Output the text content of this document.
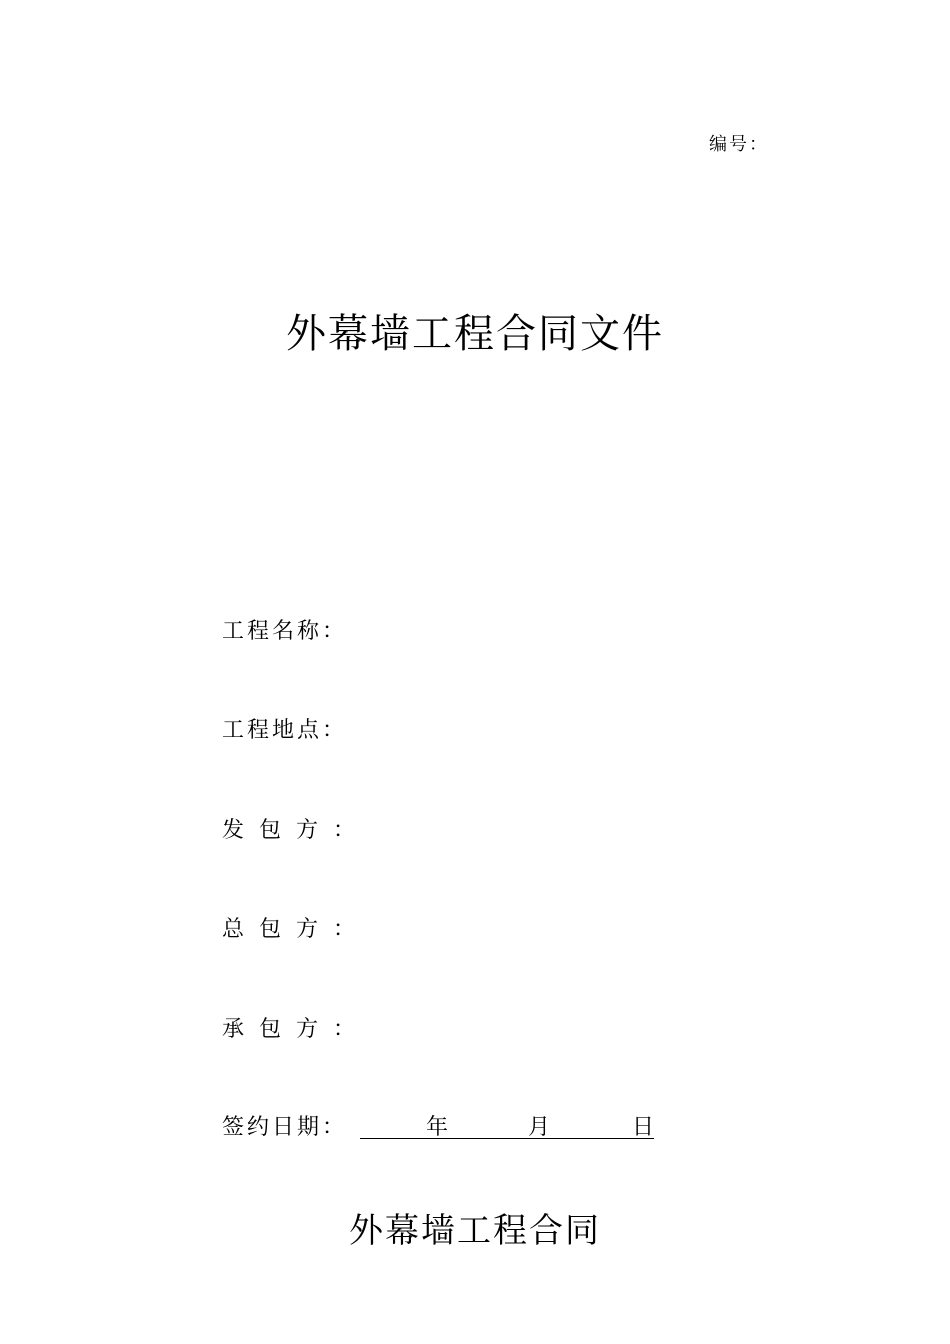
编号：
外幕墙工程合同文件
工程名称：
工程地点：
发包方：
总包方：
承包方：
签约日期：	年	月	日
外幕墙工程合同
